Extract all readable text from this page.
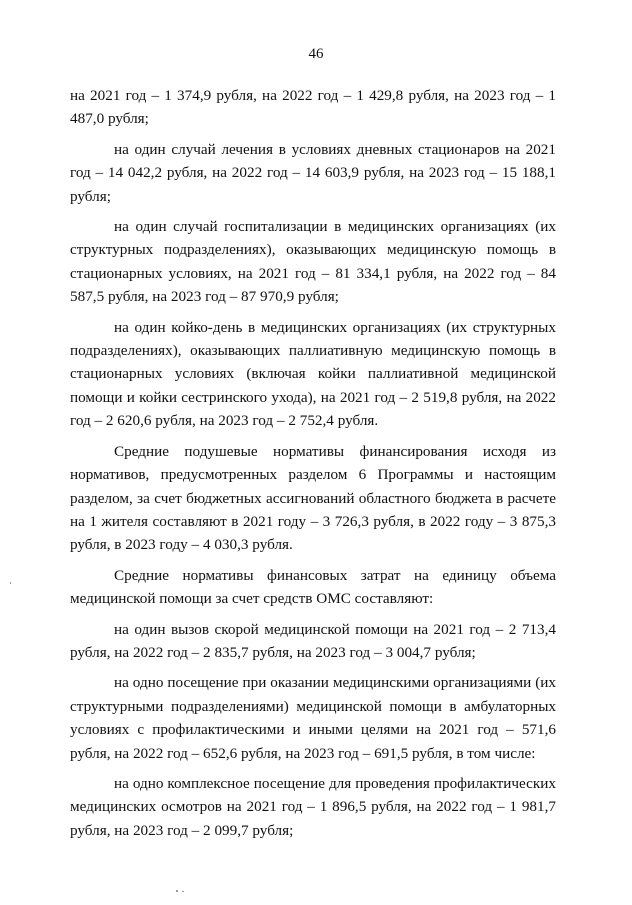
46

на 2021 год – 1 374,9 рубля, на 2022 год – 1 429,8 рубля, на 2023 год – 1 487,0 рубля;

на один случай лечения в условиях дневных стационаров на 2021 год – 14 042,2 рубля, на 2022 год – 14 603,9 рубля, на 2023 год – 15 188,1 рубля;

на один случай госпитализации в медицинских организациях (их структурных подразделениях), оказывающих медицинскую помощь в стационарных условиях, на 2021 год – 81 334,1 рубля, на 2022 год – 84 587,5 рубля, на 2023 год – 87 970,9 рубля;

на один койко-день в медицинских организациях (их структурных подразделениях), оказывающих паллиативную медицинскую помощь в стационарных условиях (включая койки паллиативной медицинской помощи и койки сестринского ухода), на 2021 год – 2 519,8 рубля, на 2022 год – 2 620,6 рубля, на 2023 год – 2 752,4 рубля.

Средние подушевые нормативы финансирования исходя из нормативов, предусмотренных разделом 6 Программы и настоящим разделом, за счет бюджетных ассигнований областного бюджета в расчете на 1 жителя составляют в 2021 году – 3 726,3 рубля, в 2022 году – 3 875,3 рубля, в 2023 году – 4 030,3 рубля.

Средние нормативы финансовых затрат на единицу объема медицинской помощи за счет средств ОМС составляют:

на один вызов скорой медицинской помощи на 2021 год – 2 713,4 рубля, на 2022 год – 2 835,7 рубля, на 2023 год – 3 004,7 рубля;

на одно посещение при оказании медицинскими организациями (их структурными подразделениями) медицинской помощи в амбулаторных условиях с профилактическими и иными целями на 2021 год – 571,6 рубля, на 2022 год – 652,6 рубля, на 2023 год – 691,5 рубля, в том числе:

на одно комплексное посещение для проведения профилактических медицинских осмотров на 2021 год – 1 896,5 рубля, на 2022 год – 1 981,7 рубля, на 2023 год – 2 099,7 рубля;
